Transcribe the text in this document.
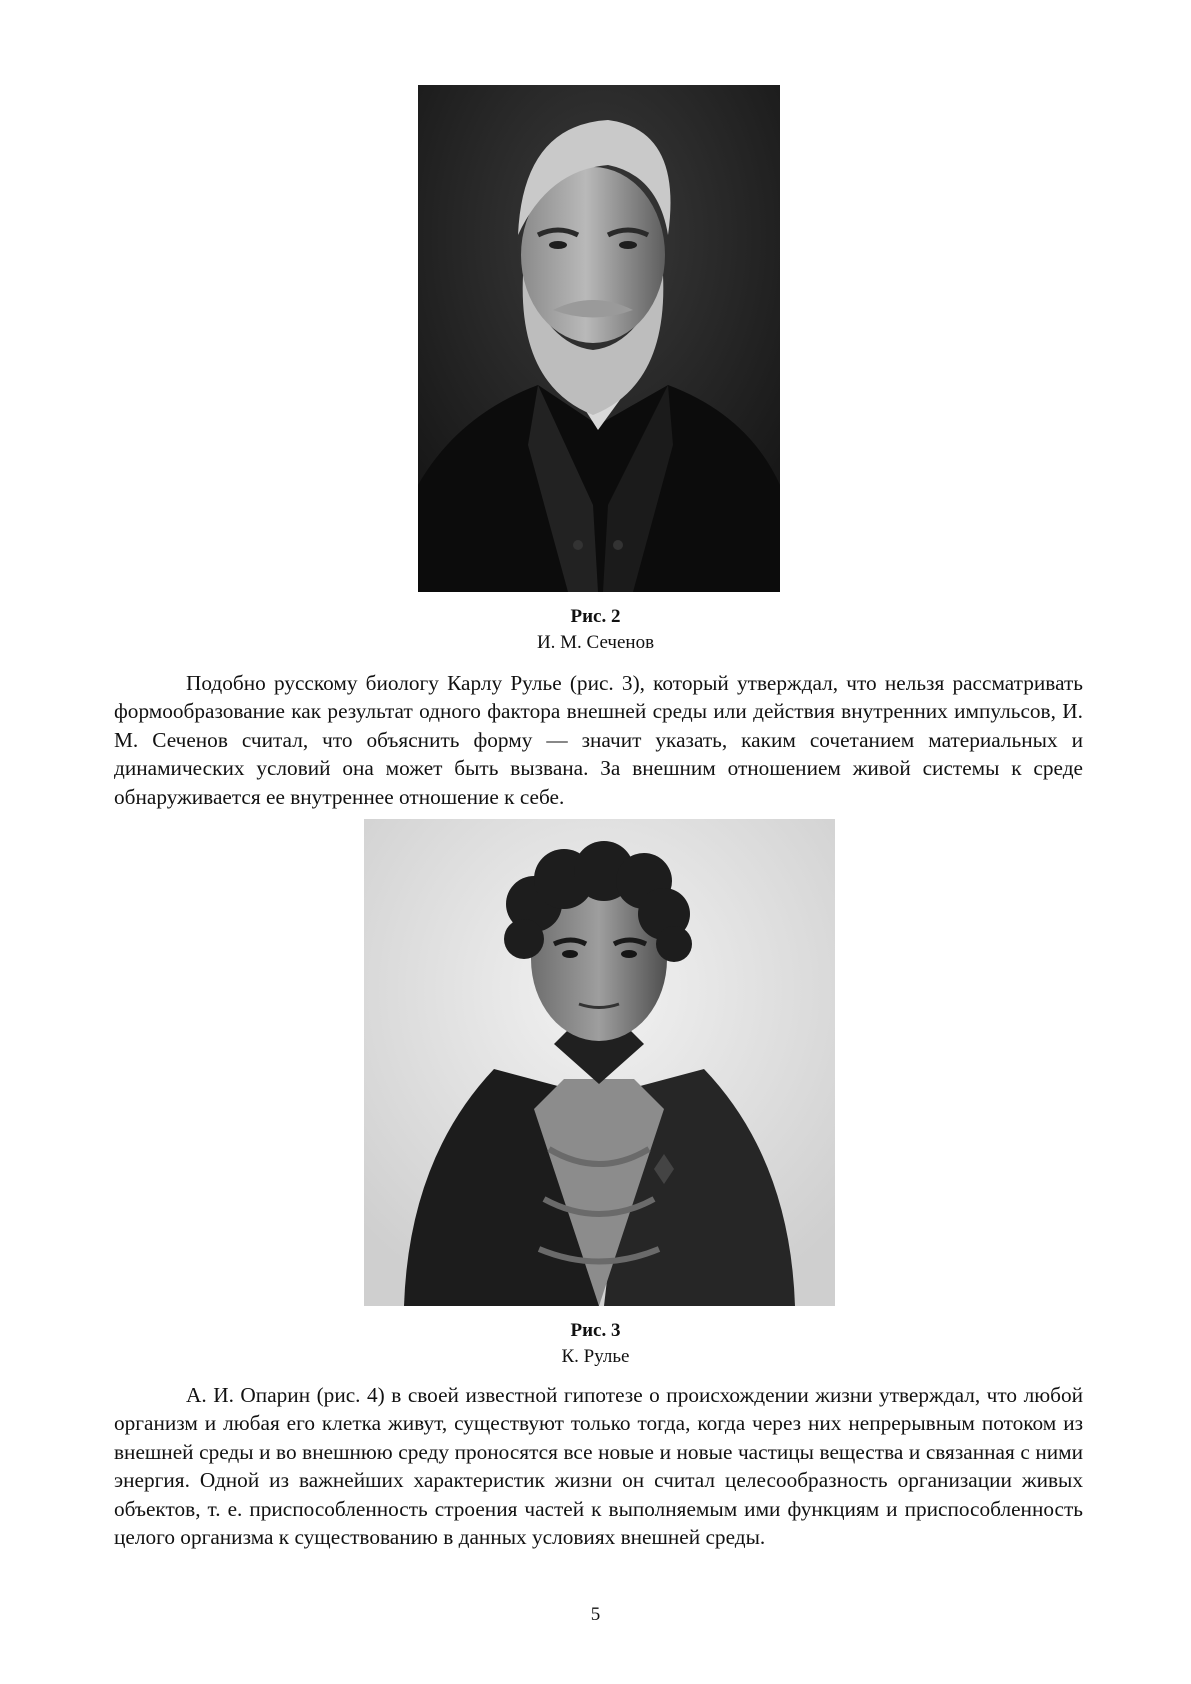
Рис. 2
И. М. Сеченов

Подобно русскому биологу Карлу Рулье (рис. 3), который утверждал, что нельзя рассматривать формообразование как результат одного фактора внешней среды или действия внутренних импульсов, И. М. Сеченов считал, что объяснить форму — значит указать, каким сочетанием материальных и динамических условий она может быть вызвана. За внешним отношением живой системы к среде обнаруживается ее внутреннее отношение к себе.

Рис. 3
К. Рулье

А. И. Опарин (рис. 4) в своей известной гипотезе о происхождении жизни утверждал, что любой организм и любая его клетка живут, существуют только тогда, когда через них непрерывным потоком из внешней среды и во внешнюю среду проносятся все новые и новые частицы вещества и связанная с ними энергия. Одной из важнейших характеристик жизни он считал целесообразность организации живых объектов, т. е. приспособленность строения частей к выполняемым ими функциям и приспособленность целого организма к существованию в данных условиях внешней среды.

5
